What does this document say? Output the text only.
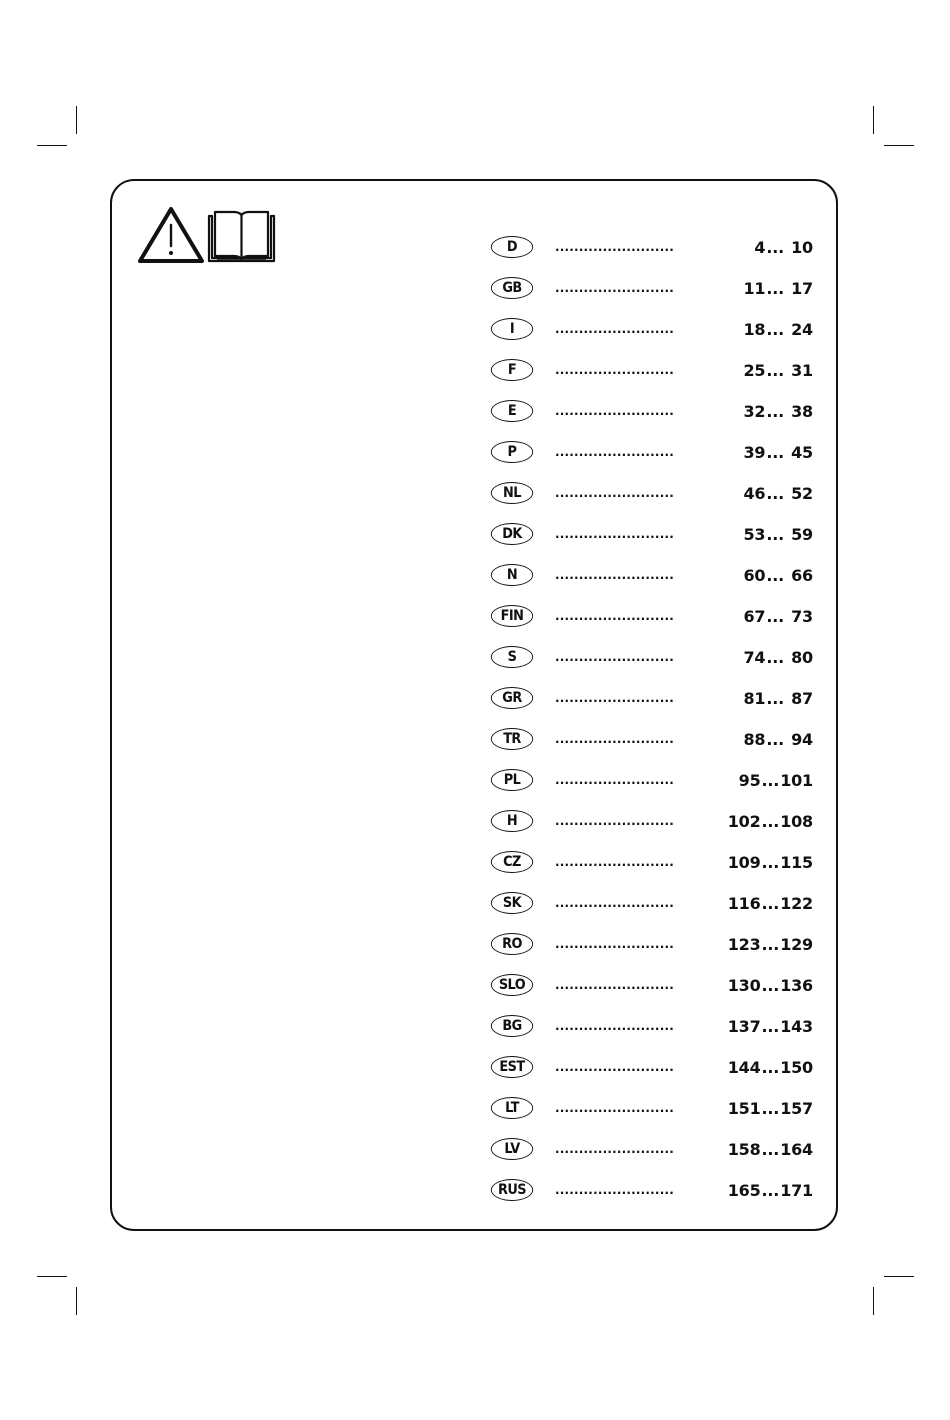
D	.........................	4 ... 10
GB	.........................	11 ... 17
I	.........................	18 ... 24
F	.........................	25 ... 31
E	.........................	32 ... 38
P	.........................	39 ... 45
NL	.........................	46 ... 52
DK	.........................	53 ... 59
N	.........................	60 ... 66
FIN	.........................	67 ... 73
S	.........................	74 ... 80
GR	.........................	81 ... 87
TR	.........................	88 ... 94
PL	.........................	95 ... 101
H	.........................	102 ... 108
CZ	.........................	109 ... 115
SK	.........................	116 ... 122
RO	.........................	123 ... 129
SLO	.........................	130 ... 136
BG	.........................	137 ... 143
EST	.........................	144 ... 150
LT	.........................	151 ... 157
LV	.........................	158 ... 164
RUS	.........................	165 ... 171
